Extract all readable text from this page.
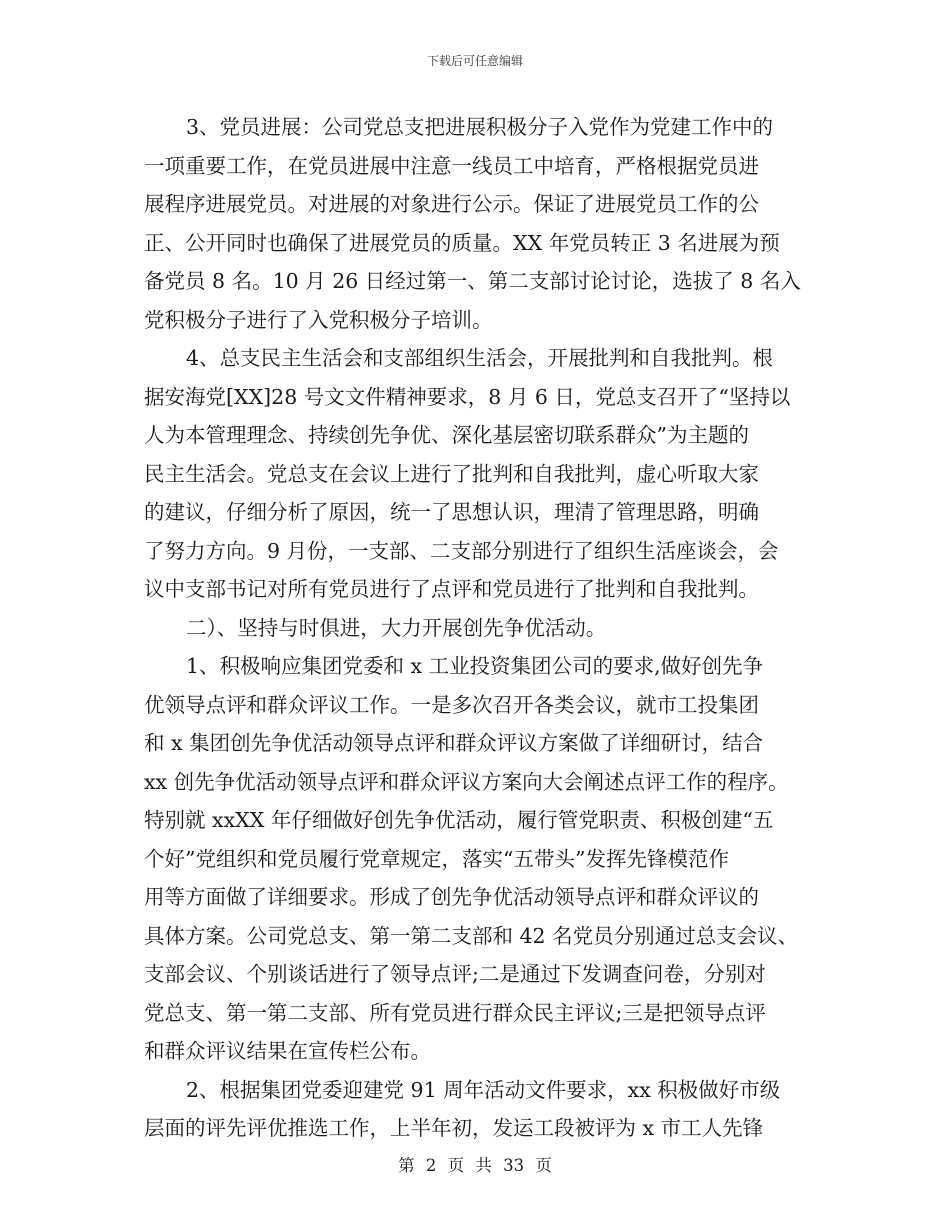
下载后可任意编辑
3、党员进展：公司党总支把进展积极分子入党作为党建工作中的
一项重要工作，在党员进展中注意一线员工中培育，严格根据党员进
展程序进展党员。对进展的对象进行公示。保证了进展党员工作的公
正、公开同时也确保了进展党员的质量。XX 年党员转正 3 名进展为预
备党员 8 名。10 月 26 日经过第一、第二支部讨论讨论，选拔了 8 名入
党积极分子进行了入党积极分子培训。
4、总支民主生活会和支部组织生活会，开展批判和自我批判。根
据安海党[XX]28 号文文件精神要求，8 月 6 日，党总支召开了“坚持以
人为本管理理念、持续创先争优、深化基层密切联系群众”为主题的
民主生活会。党总支在会议上进行了批判和自我批判，虚心听取大家
的建议，仔细分析了原因，统一了思想认识，理清了管理思路，明确
了努力方向。9 月份，一支部、二支部分别进行了组织生活座谈会，会
议中支部书记对所有党员进行了点评和党员进行了批判和自我批判。
二）、坚持与时俱进，大力开展创先争优活动。
1、积极响应集团党委和 x 工业投资集团公司的要求,做好创先争
优领导点评和群众评议工作。一是多次召开各类会议，就市工投集团
和 x 集团创先争优活动领导点评和群众评议方案做了详细研讨，结合
xx 创先争优活动领导点评和群众评议方案向大会阐述点评工作的程序。
特别就 xxXX 年仔细做好创先争优活动，履行管党职责、积极创建“五
个好”党组织和党员履行党章规定，落实“五带头”发挥先锋模范作
用等方面做了详细要求。形成了创先争优活动领导点评和群众评议的
具体方案。公司党总支、第一第二支部和 42 名党员分别通过总支会议、
支部会议、个别谈话进行了领导点评;二是通过下发调查问卷，分别对
党总支、第一第二支部、所有党员进行群众民主评议;三是把领导点评
和群众评议结果在宣传栏公布。
2、根据集团党委迎建党 91 周年活动文件要求，xx 积极做好市级
层面的评先评优推选工作，上半年初，发运工段被评为 x 市工人先锋
第 2 页 共 33 页
